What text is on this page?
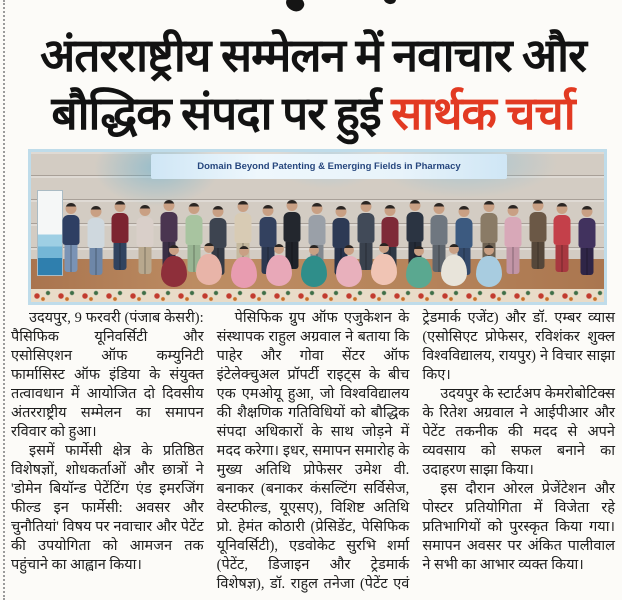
अंतरराष्ट्रीय सम्मेलन में नवाचार और
बौद्धिक संपदा पर हुई सार्थक चर्चा
Domain Beyond Patenting & Emerging Fields in Pharmacy

उदयपुर, 9 फरवरी (पंजाब केसरी): पैसिफिक यूनिवर्सिटी और एसोसिएशन ऑफ कम्युनिटी फार्मासिस्ट ऑफ इंडिया के संयुक्त तत्वावधान में आयोजित दो दिवसीय अंतरराष्ट्रीय सम्मेलन का समापन रविवार को हुआ।

इसमें फार्मेसी क्षेत्र के प्रतिष्ठित विशेषज्ञों, शोधकर्ताओं और छात्रों ने 'डोमेन बियॉन्ड पेटेंटिंग एंड इमरजिंग फील्ड इन फार्मेसी: अवसर और चुनौतियां' विषय पर नवाचार और पेटेंट की उपयोगिता को आमजन तक पहुंचाने का आह्वान किया।

पेसिफिक ग्रुप ऑफ एजुकेशन के संस्थापक राहुल अग्रवाल ने बताया कि पाहेर और गोवा सेंटर ऑफ इंटेलेक्चुअल प्रॉपर्टी राइट्स के बीच एक एमओयू हुआ, जो विश्वविद्यालय की शैक्षणिक गतिविधियों को बौद्धिक संपदा अधिकारों के साथ जोड़ने में मदद करेगा। इधर, समापन समारोह के मुख्य अतिथि प्रोफेसर उमेश वी. बनाकर (बनाकर कंसल्टिंग सर्विसेज, वेस्टफील्ड, यूएसए), विशिष्ट अतिथि प्रो. हेमंत कोठारी (प्रेसिडेंट, पेसिफिक यूनिवर्सिटी), एडवोकेट सुरभि शर्मा (पेटेंट, डिजाइन और ट्रेडमार्क विशेषज्ञ), डॉ. राहुल तनेजा (पेटेंट एवं ट्रेडमार्क एजेंट) और डॉ. एम्बर व्यास (एसोसिएट प्रोफेसर, रविशंकर शुक्ल विश्वविद्यालय, रायपुर) ने विचार साझा किए।

उदयपुर के स्टार्टअप केमरोबोटिक्स के रितेश अग्रवाल ने आईपीआर और पेटेंट तकनीक की मदद से अपने व्यवसाय को सफल बनाने का उदाहरण साझा किया।

इस दौरान ओरल प्रेजेंटेशन और पोस्टर प्रतियोगिता में विजेता रहे प्रतिभागियों को पुरस्कृत किया गया। समापन अवसर पर अंकित पालीवाल ने सभी का आभार व्यक्त किया।
